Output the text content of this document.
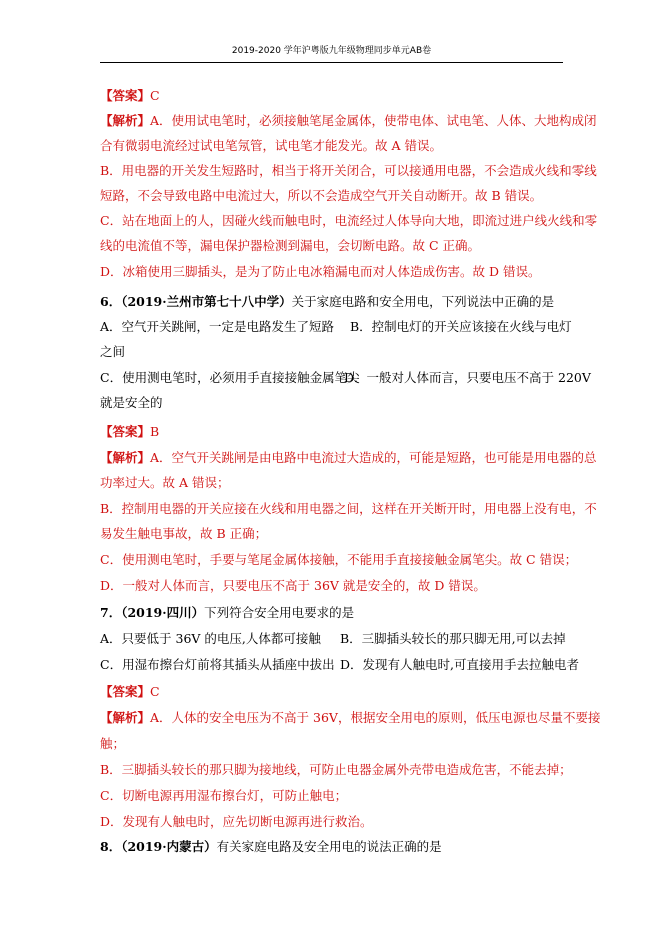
2019-2020 学年沪粤版九年级物理同步单元AB卷
【答案】C
【解析】A．使用试电笔时，必须接触笔尾金属体，使带电体、试电笔、人体、大地构成闭
合有微弱电流经过试电笔氖管，试电笔才能发光。故 A 错误。
B．用电器的开关发生短路时，相当于将开关闭合，可以接通用电器，不会造成火线和零线
短路，不会导致电路中电流过大，所以不会造成空气开关自动断开。故 B 错误。
C．站在地面上的人，因碰火线而触电时，电流经过人体导向大地，即流过进户线火线和零
线的电流值不等，漏电保护器检测到漏电，会切断电路。故 C 正确。
D．冰箱使用三脚插头，是为了防止电冰箱漏电而对人体造成伤害。故 D 错误。
6．（2019·兰州市第七十八中学）关于家庭电路和安全用电，下列说法中正确的是
A．空气开关跳闸，一定是电路发生了短路 B．控制电灯的开关应该接在火线与电灯
之间
C．使用测电笔时，必须用手直接接触金属笔尖D．一般对人体而言，只要电压不高于 220V
就是安全的
【答案】B
【解析】A．空气开关跳闸是由电路中电流过大造成的，可能是短路，也可能是用电器的总
功率过大。故 A 错误；
B．控制用电器的开关应接在火线和用电器之间，这样在开关断开时，用电器上没有电，不
易发生触电事故，故 B 正确；
C．使用测电笔时，手要与笔尾金属体接触，不能用手直接接触金属笔尖。故 C 错误；
D．一般对人体而言，只要电压不高于 36V 就是安全的，故 D 错误。
7．（2019·四川）下列符合安全用电要求的是
A．只要低于 36V 的电压,人体都可接触 B．三脚插头较长的那只脚无用,可以去掉
C．用湿布擦台灯前将其插头从插座中拔出 D．发现有人触电时,可直接用手去拉触电者
【答案】C
【解析】A．人体的安全电压为不高于 36V，根据安全用电的原则，低压电源也尽量不要接
触；
B．三脚插头较长的那只脚为接地线，可防止电器金属外壳带电造成危害，不能去掉；
C．切断电源再用湿布擦台灯，可防止触电；
D．发现有人触电时，应先切断电源再进行救治。
8．（2019·内蒙古）有关家庭电路及安全用电的说法正确的是
